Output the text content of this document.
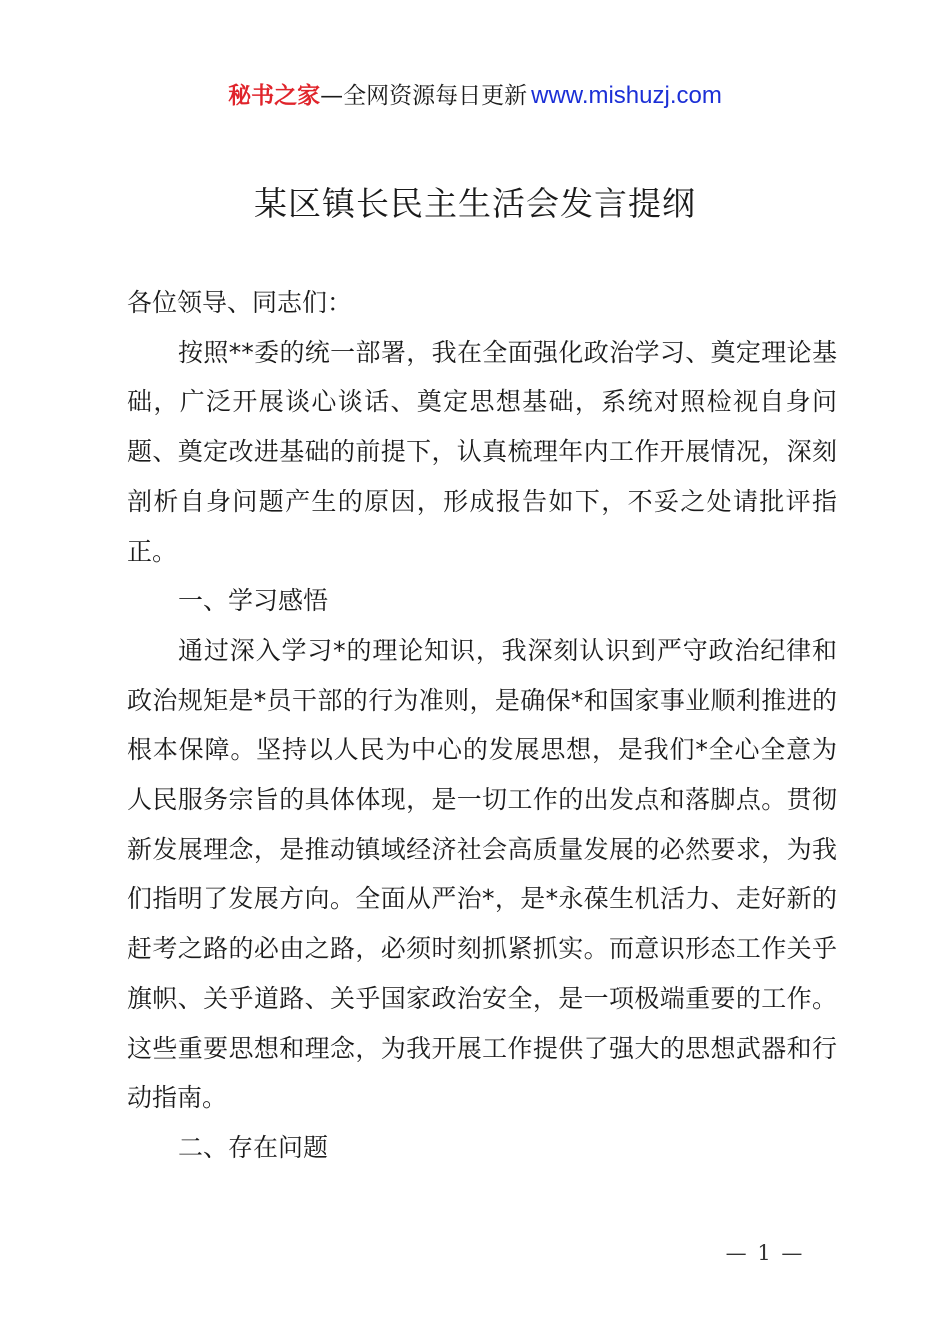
秘书之家—全网资源每日更新 www.mishuzj.com
某区镇长民主生活会发言提纲

各位领导、同志们：

按照**委的统一部署，我在全面强化政治学习、奠定理论基础，广泛开展谈心谈话、奠定思想基础，系统对照检视自身问题、奠定改进基础的前提下，认真梳理年内工作开展情况，深刻剖析自身问题产生的原因，形成报告如下，不妥之处请批评指正。

一、学习感悟

通过深入学习*的理论知识，我深刻认识到严守政治纪律和政治规矩是*员干部的行为准则，是确保*和国家事业顺利推进的根本保障。坚持以人民为中心的发展思想，是我们*全心全意为人民服务宗旨的具体体现，是一切工作的出发点和落脚点。贯彻新发展理念，是推动镇域经济社会高质量发展的必然要求，为我们指明了发展方向。全面从严治*，是*永葆生机活力、走好新的赶考之路的必由之路，必须时刻抓紧抓实。而意识形态工作关乎旗帜、关乎道路、关乎国家政治安全，是一项极端重要的工作。这些重要思想和理念，为我开展工作提供了强大的思想武器和行动指南。

二、存在问题

— 1 —
